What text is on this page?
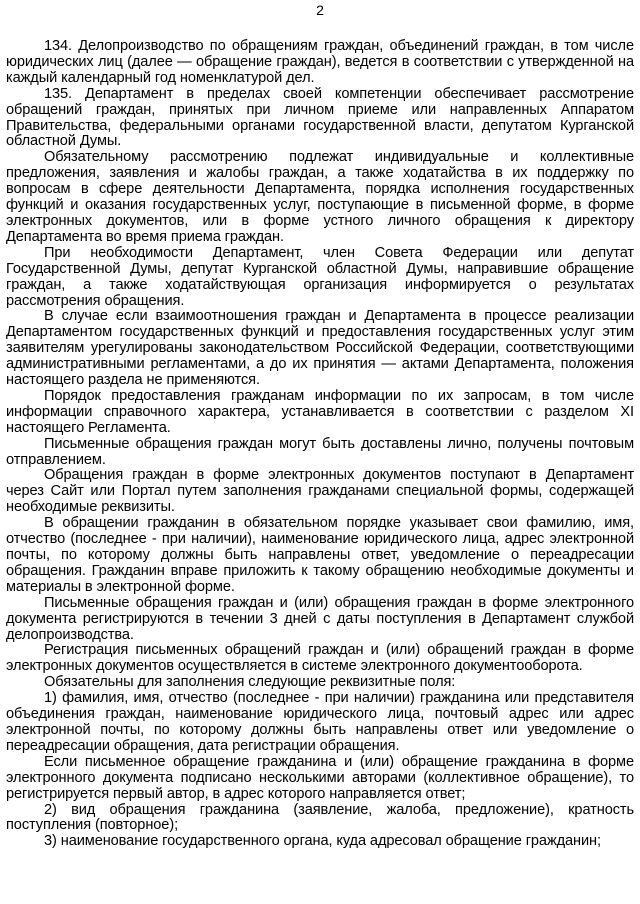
2

134. Делопроизводство по обращениям граждан, объединений граждан, в том числе юридических лиц (далее — обращение граждан), ведется в соответствии с утвержденной на каждый календарный год номенклатурой дел.

135. Департамент в пределах своей компетенции обеспечивает рассмотрение обращений граждан, принятых при личном приеме или направленных Аппаратом Правительства, федеральными органами государственной власти, депутатом Курганской областной Думы.

Обязательному рассмотрению подлежат индивидуальные и коллективные предложения, заявления и жалобы граждан, а также ходатайства в их поддержку по вопросам в сфере деятельности Департамента, порядка исполнения государственных функций и оказания государственных услуг, поступающие в письменной форме, в форме электронных документов, или в форме устного личного обращения к директору Департамента во время приема граждан.

При необходимости Департамент, член Совета Федерации или депутат Государственной Думы, депутат Курганской областной Думы, направившие обращение граждан, а также ходатайствующая организация информируется о результатах рассмотрения обращения.

В случае если взаимоотношения граждан и Департамента в процессе реализации Департаментом государственных функций и предоставления государственных услуг этим заявителям урегулированы законодательством Российской Федерации, соответствующими административными регламентами, а до их принятия — актами Департамента, положения настоящего раздела не применяются.

Порядок предоставления гражданам информации по их запросам, в том числе информации справочного характера, устанавливается в соответствии с разделом XI настоящего Регламента.

Письменные обращения граждан могут быть доставлены лично, получены почтовым отправлением.

Обращения граждан в форме электронных документов поступают в Департамент через Сайт или Портал путем заполнения гражданами специальной формы, содержащей необходимые реквизиты.

В обращении гражданин в обязательном порядке указывает свои фамилию, имя, отчество (последнее - при наличии), наименование юридического лица, адрес электронной почты, по которому должны быть направлены ответ, уведомление о переадресации обращения. Гражданин вправе приложить к такому обращению необходимые документы и материалы в электронной форме.

Письменные обращения граждан и (или) обращения граждан в форме электронного документа регистрируются в течении 3 дней с даты поступления в Департамент службой делопроизводства.

Регистрация письменных обращений граждан и (или) обращений граждан в форме электронных документов осуществляется в системе электронного документооборота.

Обязательны для заполнения следующие реквизитные поля:

1) фамилия, имя, отчество (последнее - при наличии) гражданина или представителя объединения граждан, наименование юридического лица, почтовый адрес или адрес электронной почты, по которому должны быть направлены ответ или уведомление о переадресации обращения, дата регистрации обращения.

Если письменное обращение гражданина и (или) обращение гражданина в форме электронного документа подписано несколькими авторами (коллективное обращение), то регистрируется первый автор, в адрес которого направляется ответ;

2) вид обращения гражданина (заявление, жалоба, предложение), кратность поступления (повторное);

3) наименование государственного органа, куда адресовал обращение гражданин;
